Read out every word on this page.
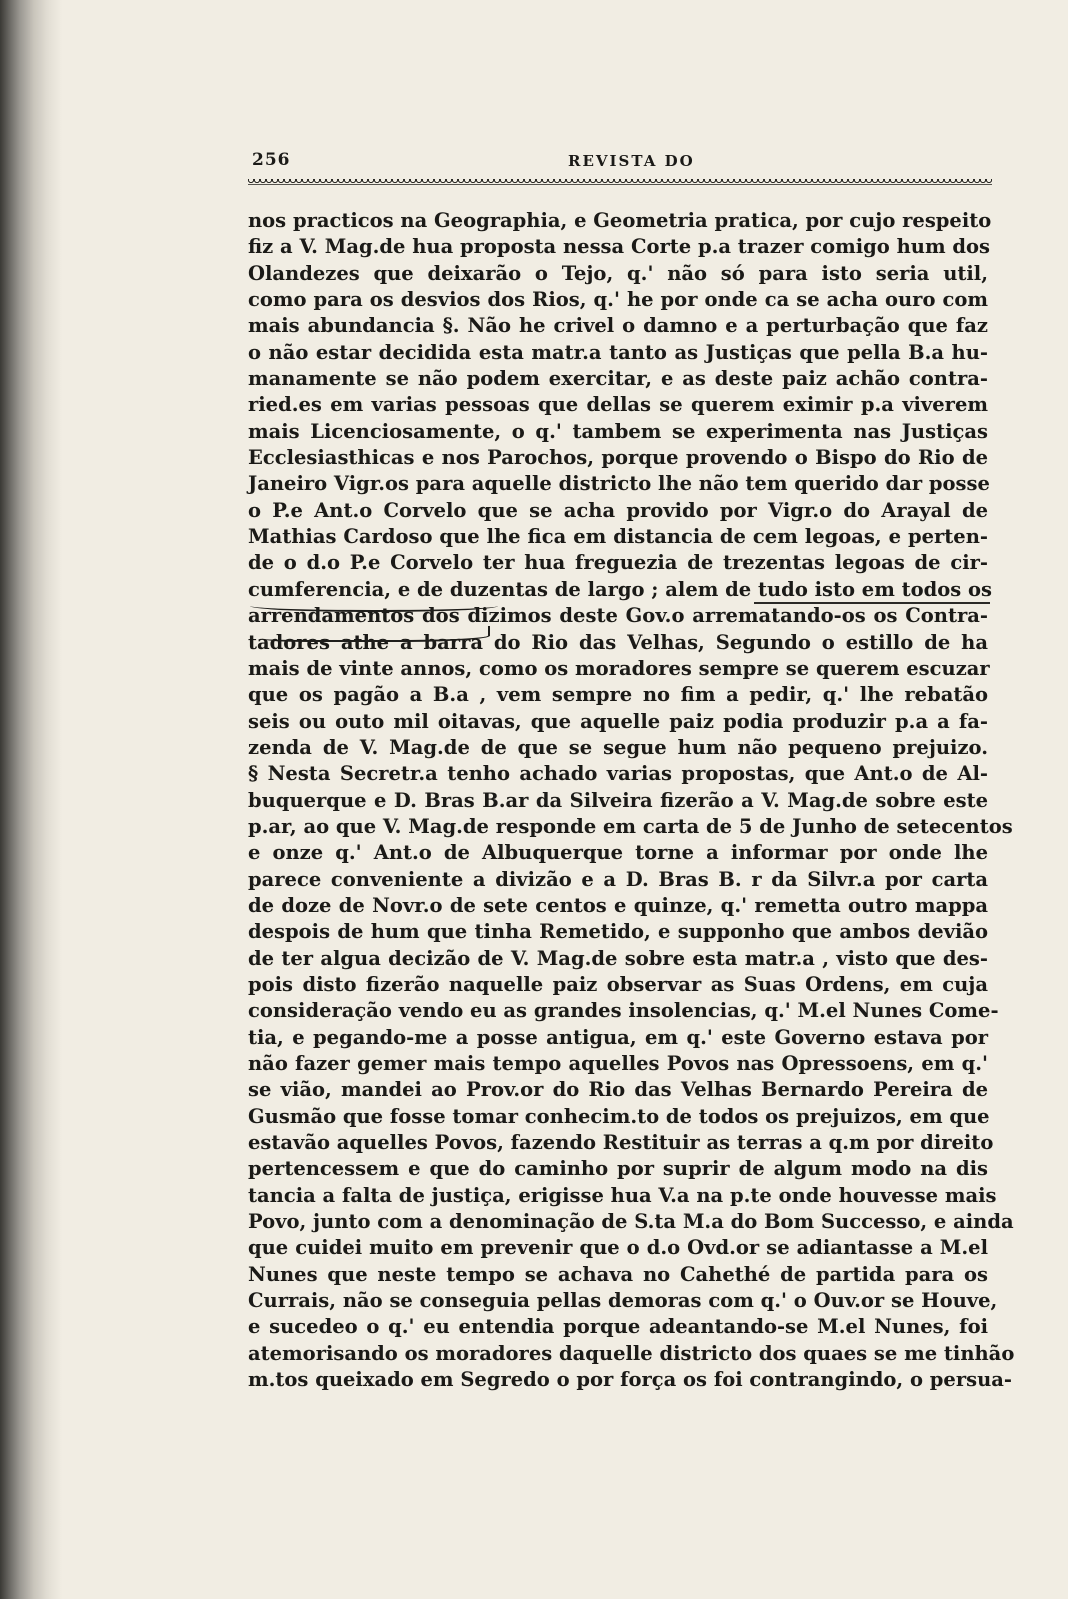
256	REVISTA DO
nos practicos na Geographia, e Geometria pratica, por cujo respeito
fiz a V. Mag.de hua proposta nessa Corte p.a trazer comigo hum dos
Olandezes que deixarão o Tejo, q.' não só para isto seria util,
como para os desvios dos Rios, q.' he por onde ca se acha ouro com
mais abundancia §. Não he crivel o damno e a perturbação que faz
o não estar decidida esta matr.a tanto as Justiças que pella B.a hu-
manamente se não podem exercitar, e as deste paiz achão contra-
ried.es em varias pessoas que dellas se querem eximir p.a viverem
mais Licenciosamente, o q.' tambem se experimenta nas Justiças
Ecclesiasthicas e nos Parochos, porque provendo o Bispo do Rio de
Janeiro Vigr.os para aquelle districto lhe não tem querido dar posse
o P.e Ant.o Corvelo que se acha provido por Vigr.o do Arayal de
Mathias Cardoso que lhe fica em distancia de cem legoas, e perten-
de o d.o P.e Corvelo ter hua freguezia de trezentas legoas de cir-
cumferencia, e de duzentas de largo ; alem de tudo isto em todos os
arrendamentos dos dizimos deste Gov.o arrematando-os os Contra-
tadores athe a barra do Rio das Velhas, Segundo o estillo de ha
mais de vinte annos, como os moradores sempre se querem escuzar
que os pagão a B.a , vem sempre no fim a pedir, q.' lhe rebatão
seis ou outo mil oitavas, que aquelle paiz podia produzir p.a a fa-
zenda de V. Mag.de de que se segue hum não pequeno prejuizo.
§ Nesta Secretr.a tenho achado varias propostas, que Ant.o de Al-
buquerque e D. Bras B.ar da Silveira fizerão a V. Mag.de sobre este
p.ar, ao que V. Mag.de responde em carta de 5 de Junho de setecentos
e onze q.' Ant.o de Albuquerque torne a informar por onde lhe
parece conveniente a divizão e a D. Bras B. r da Silvr.a por carta
de doze de Novr.o de sete centos e quinze, q.' remetta outro mappa
despois de hum que tinha Remetido, e supponho que ambos devião
de ter algua decizão de V. Mag.de sobre esta matr.a , visto que des-
pois disto fizerão naquelle paiz observar as Suas Ordens, em cuja
consideração vendo eu as grandes insolencias, q.' M.el Nunes Come-
tia, e pegando-me a posse antigua, em q.' este Governo estava por
não fazer gemer mais tempo aquelles Povos nas Opressoens, em q.'
se vião, mandei ao Prov.or do Rio das Velhas Bernardo Pereira de
Gusmão que fosse tomar conhecim.to de todos os prejuizos, em que
estavão aquelles Povos, fazendo Restituir as terras a q.m por direito
pertencessem e que do caminho por suprir de algum modo na dis
tancia a falta de justiça, erigisse hua V.a na p.te onde houvesse mais
Povo, junto com a denominação de S.ta M.a do Bom Successo, e ainda
que cuidei muito em prevenir que o d.o Ovd.or se adiantasse a M.el
Nunes que neste tempo se achava no Cahethé de partida para os
Currais, não se conseguia pellas demoras com q.' o Ouv.or se Houve,
e sucedeo o q.' eu entendia porque adeantando-se M.el Nunes, foi
atemorisando os moradores daquelle districto dos quaes se me tinhão
m.tos queixado em Segredo o por força os foi contrangindo, o persua-
